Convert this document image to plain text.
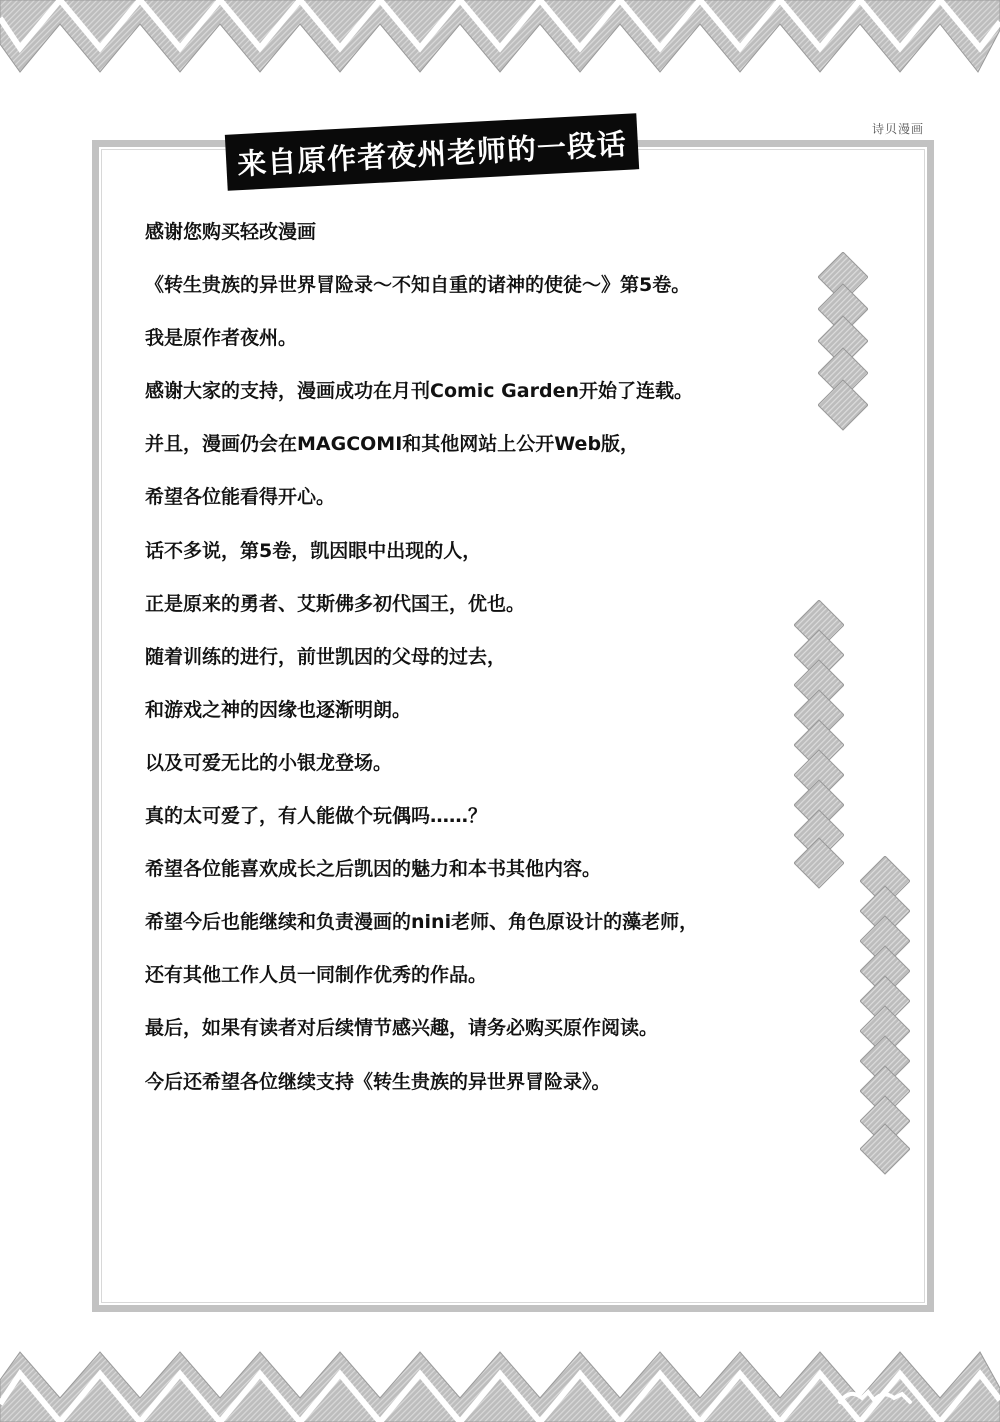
来自原作者夜州老师的一段话	诗贝漫画
感谢您购买轻改漫画
《转生贵族的异世界冒险录～不知自重的诸神的使徒～》第5卷。
我是原作者夜州。
感谢大家的支持，漫画成功在月刊Comic Garden开始了连载。
并且，漫画仍会在MAGCOMI和其他网站上公开Web版，
希望各位能看得开心。
话不多说，第5卷，凯因眼中出现的人，
正是原来的勇者、艾斯佛多初代国王，优也。
随着训练的进行，前世凯因的父母的过去，
和游戏之神的因缘也逐渐明朗。
以及可爱无比的小银龙登场。
真的太可爱了，有人能做个玩偶吗……？
希望各位能喜欢成长之后凯因的魅力和本书其他内容。
希望今后也能继续和负责漫画的nini老师、角色原设计的藻老师，
还有其他工作人员一同制作优秀的作品。
最后，如果有读者对后续情节感兴趣，请务必购买原作阅读。
今后还希望各位继续支持《转生贵族的异世界冒险录》。
